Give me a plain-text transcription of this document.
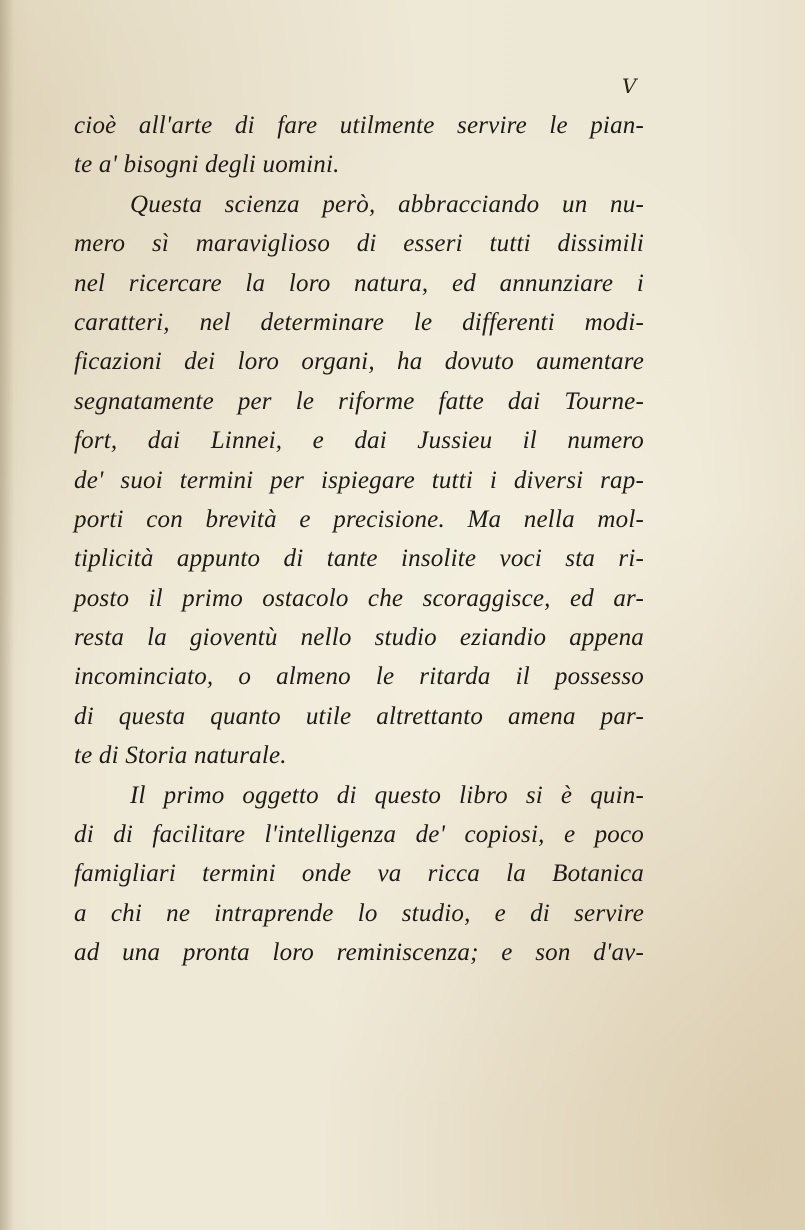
V
cioè all'arte di fare utilmente servire le pian-
te a' bisogni degli uomini.
Questa scienza però, abbracciando un nu-
mero sì maraviglioso di esseri tutti dissimili
nel ricercare la loro natura, ed annunziare i
caratteri, nel determinare le differenti modi-
ficazioni dei loro organi, ha dovuto aumentare
segnatamente per le riforme fatte dai Tourne-
fort, dai Linnei, e dai Jussieu il numero
de' suoi termini per ispiegare tutti i diversi rap-
porti con brevità e precisione. Ma nella mol-
tiplicità appunto di tante insolite voci sta ri-
posto il primo ostacolo che scoraggisce, ed ar-
resta la gioventù nello studio eziandio appena
incominciato, o almeno le ritarda il possesso
di questa quanto utile altrettanto amena par-
te di Storia naturale.
Il primo oggetto di questo libro si è quin-
di di facilitare l'intelligenza de' copiosi, e poco
famigliari termini onde va ricca la Botanica
a chi ne intraprende lo studio, e di servire
ad una pronta loro reminiscenza; e son d'av-
